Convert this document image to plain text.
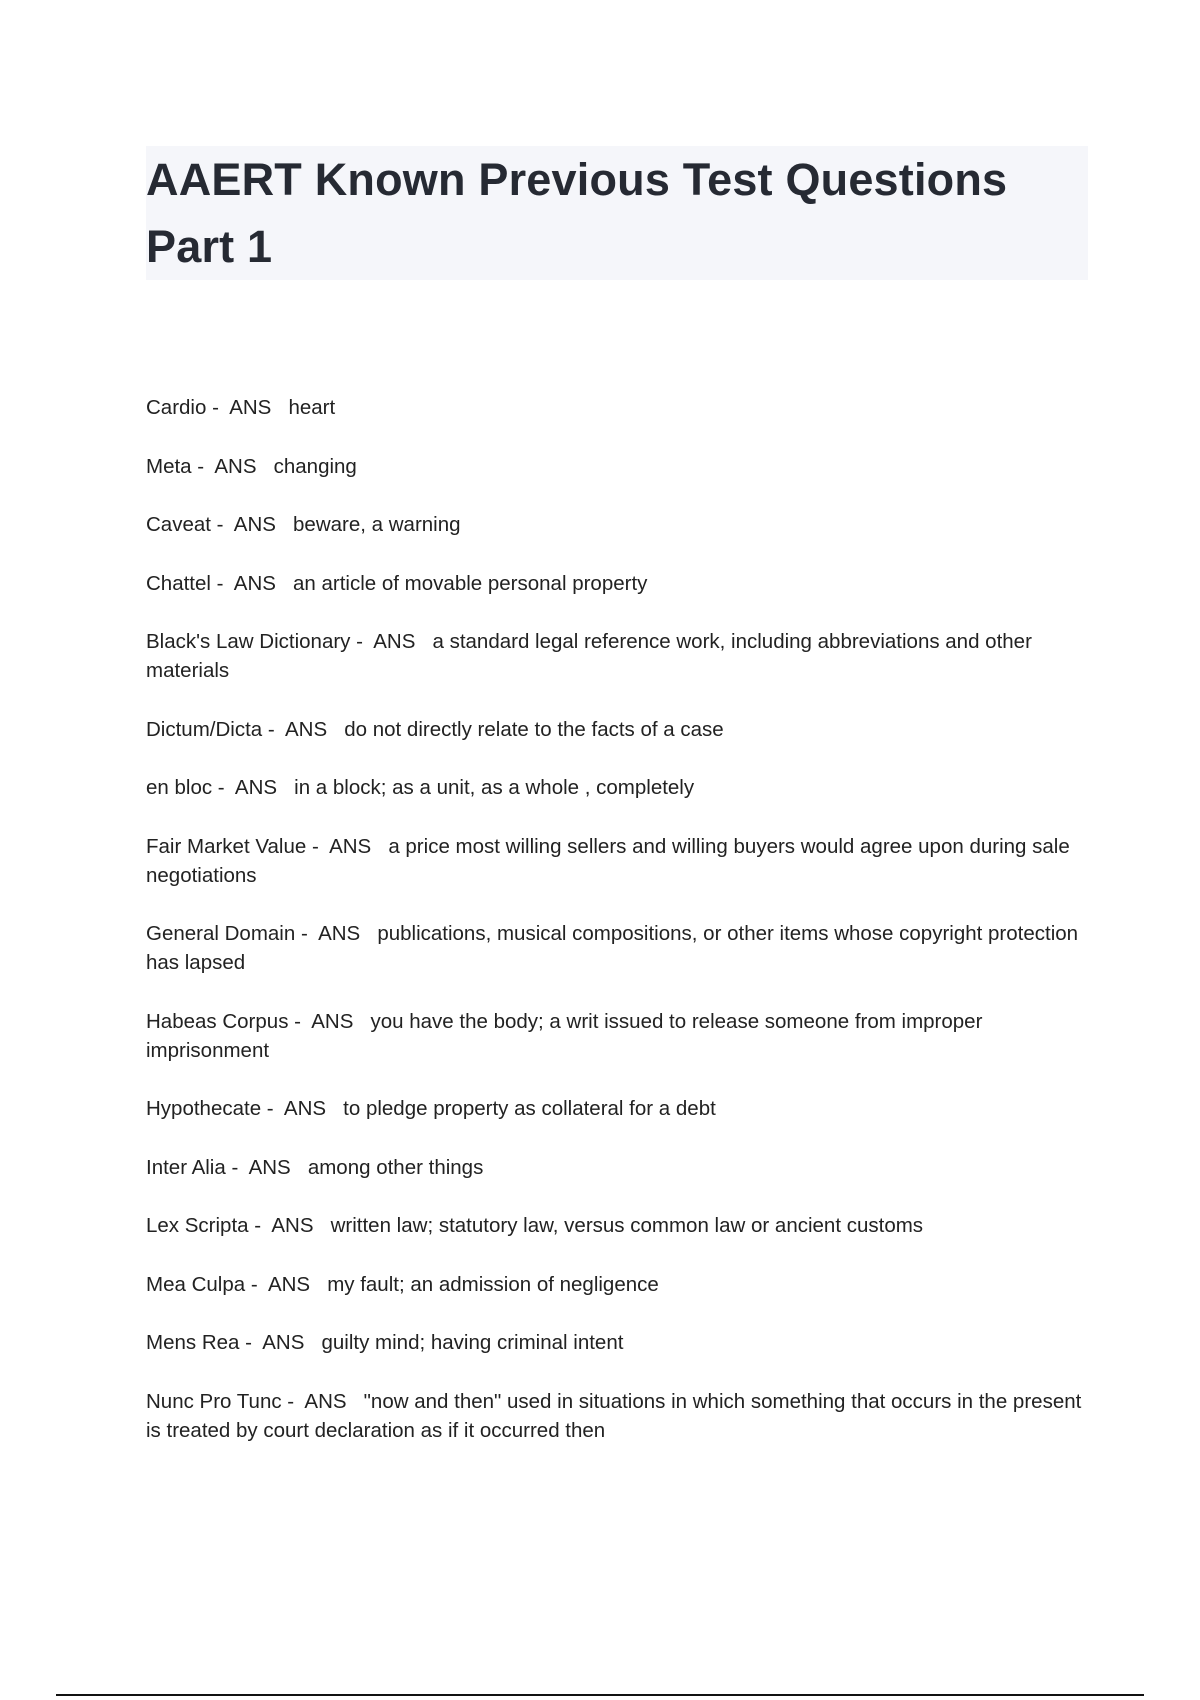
AAERT Known Previous Test Questions Part 1
Cardio -  ANS heart
Meta -  ANS changing
Caveat -  ANS beware, a warning
Chattel -  ANS an article of movable personal property
Black's Law Dictionary -  ANS a standard legal reference work, including abbreviations and other materials
Dictum/Dicta -  ANS do not directly relate to the facts of a case
en bloc -  ANS in a block; as a unit, as a whole , completely
Fair Market Value -  ANS a price most willing sellers and willing buyers would agree upon during sale negotiations
General Domain -  ANS publications, musical compositions, or other items whose copyright protection has lapsed
Habeas Corpus -  ANS you have the body; a writ issued to release someone from improper imprisonment
Hypothecate -  ANS to pledge property as collateral for a debt
Inter Alia -  ANS among other things
Lex Scripta -  ANS written law; statutory law, versus common law or ancient customs
Mea Culpa -  ANS my fault; an admission of negligence
Mens Rea -  ANS guilty mind; having criminal intent
Nunc Pro Tunc -  ANS "now and then" used in situations in which something that occurs in the present is treated by court declaration as if it occurred then
